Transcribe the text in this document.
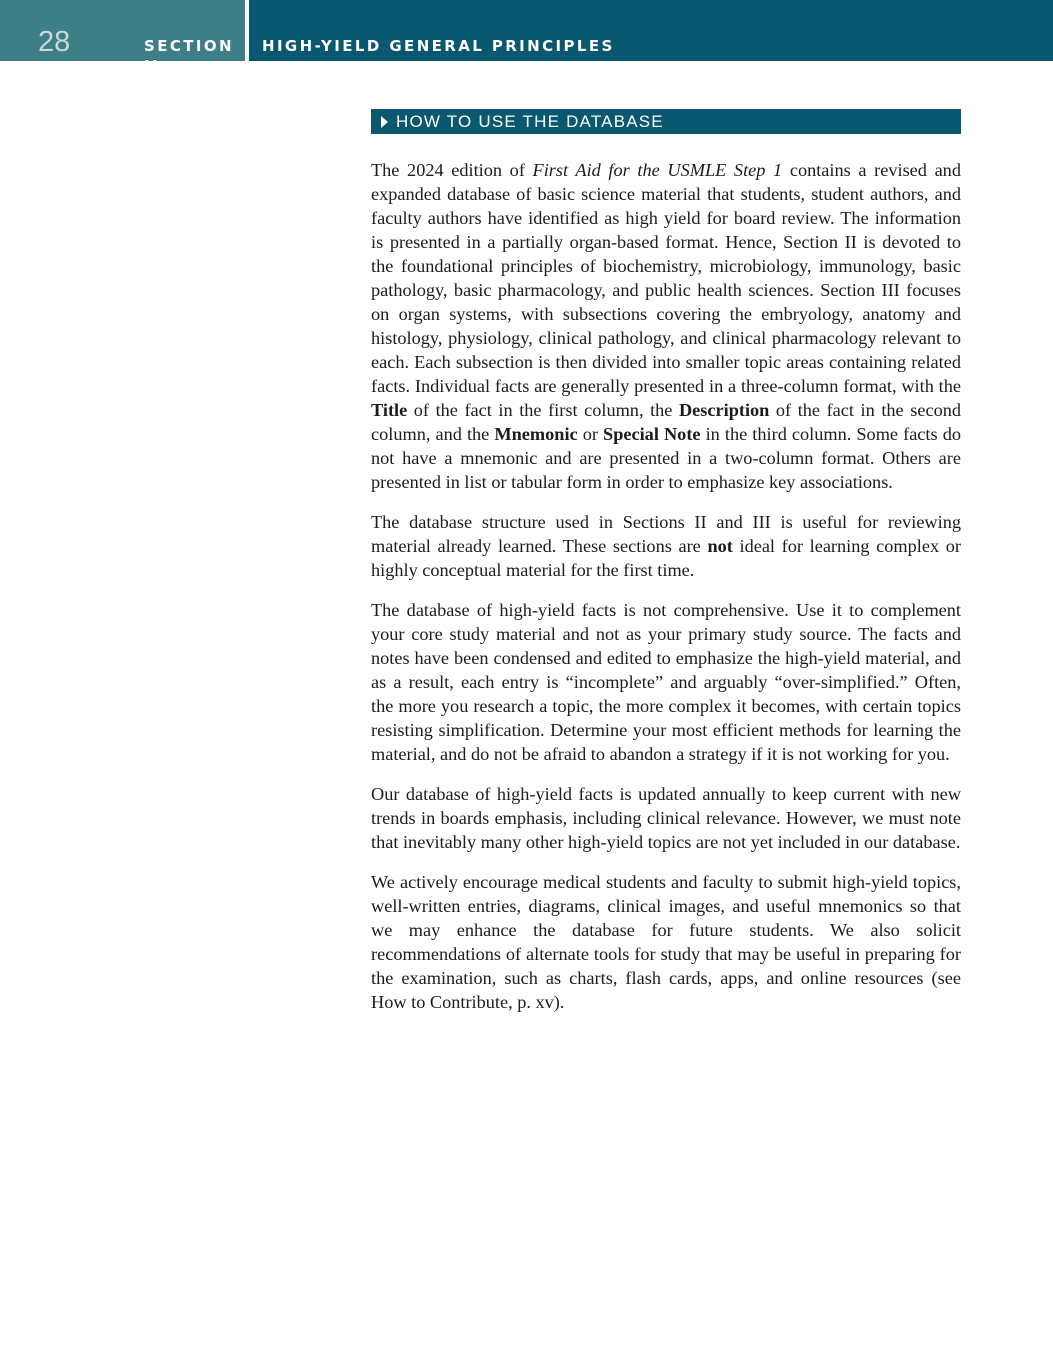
28	SECTION II
HIGH-YIELD GENERAL PRINCIPLES
HOW TO USE THE DATABASE

The 2024 edition of First Aid for the USMLE Step 1 contains a revised and expanded database of basic science material that students, student authors, and faculty authors have identified as high yield for board review. The information is presented in a partially organ-based format. Hence, Section II is devoted to the foundational principles of biochemistry, microbiology, immunology, basic pathology, basic pharmacology, and public health sciences. Section III focuses on organ systems, with subsections covering the embryology, anatomy and histology, physiology, clinical pathology, and clinical pharmacology relevant to each. Each subsection is then divided into smaller topic areas containing related facts. Individual facts are generally presented in a three-column format, with the Title of the fact in the first column, the Description of the fact in the second column, and the Mnemonic or Special Note in the third column. Some facts do not have a mnemonic and are presented in a two-column format. Others are presented in list or tabular form in order to emphasize key associations.

The database structure used in Sections II and III is useful for reviewing material already learned. These sections are not ideal for learning complex or highly conceptual material for the first time.

The database of high-yield facts is not comprehensive. Use it to complement your core study material and not as your primary study source. The facts and notes have been condensed and edited to emphasize the high-yield material, and as a result, each entry is “incomplete” and arguably “over-simplified.” Often, the more you research a topic, the more complex it becomes, with certain topics resisting simplification. Determine your most efficient methods for learning the material, and do not be afraid to abandon a strategy if it is not working for you.

Our database of high-yield facts is updated annually to keep current with new trends in boards emphasis, including clinical relevance. However, we must note that inevitably many other high-yield topics are not yet included in our database.

We actively encourage medical students and faculty to submit high-yield topics, well-written entries, diagrams, clinical images, and useful mnemonics so that we may enhance the database for future students. We also solicit recommendations of alternate tools for study that may be useful in preparing for the examination, such as charts, flash cards, apps, and online resources (see How to Contribute, p. xv).
